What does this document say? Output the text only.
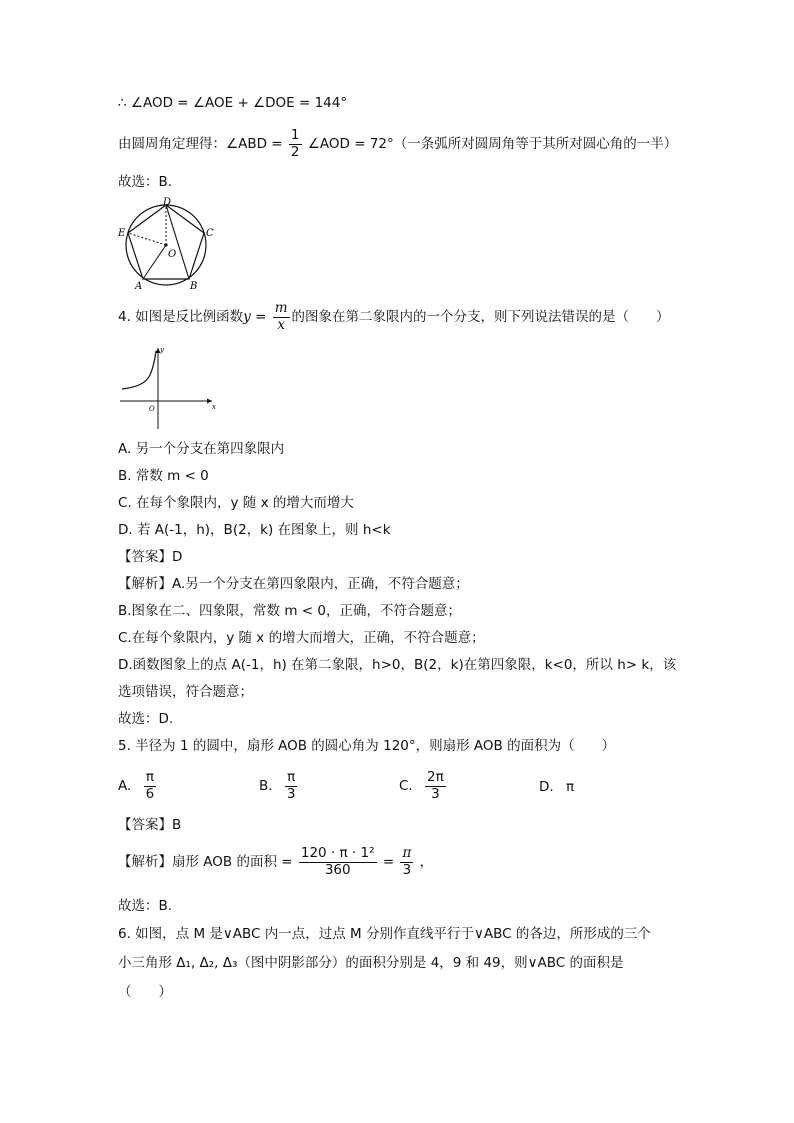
∴ ∠AOD = ∠AOE + ∠DOE = 144°
由圆周角定理得：∠ABD = $\frac{1}{2}$ ∠AOD = 72°（一条弧所对圆周角等于其所对圆心角的一半）
故选：B.
D
E	C
O
A	B
4. 如图是反比例函数$y = \frac{m}{x}$ 的图象在第二象限内的一个分支，则下列说法错误的是（　　）
O
y
x
A. 另一个分支在第四象限内
B. 常数 m < 0
C. 在每个象限内，y 随 x 的增大而增大
D. 若 A(-1，h)，B(2，k) 在图象上，则 h<k
【答案】D
【解析】A.另一个分支在第四象限内，正确，不符合题意；
B.图象在二、四象限，常数 m < 0，正确，不符合题意；
C.在每个象限内，y 随 x 的增大而增大，正确，不符合题意；
D.函数图象上的点 A(-1，h) 在第二象限，h>0，B(2，k)在第四象限，k<0，所以 h> k，该
选项错误，符合题意；
故选：D.
5. 半径为 1 的圆中，扇形 AOB 的圆心角为 120°，则扇形 AOB 的面积为（　　）
A. $\frac{\pi}{6}$	B. $\frac{\pi}{3}$	C. $\frac{2\pi}{3}$	D. π
【答案】B
【解析】扇形 AOB 的面积 = $\frac{\text{120 · π · 1²}}{360} = \frac{\pi}{3}$ ，
故选：B.
6. 如图，点 M 是∨ABC 内一点，过点 M 分别作直线平行于∨ABC 的各边，所形成的三个
小三角形 Δ₁, Δ₂, Δ₃（图中阴影部分）的面积分别是 4，9 和 49，则∨ABC 的面积是
（　　）
